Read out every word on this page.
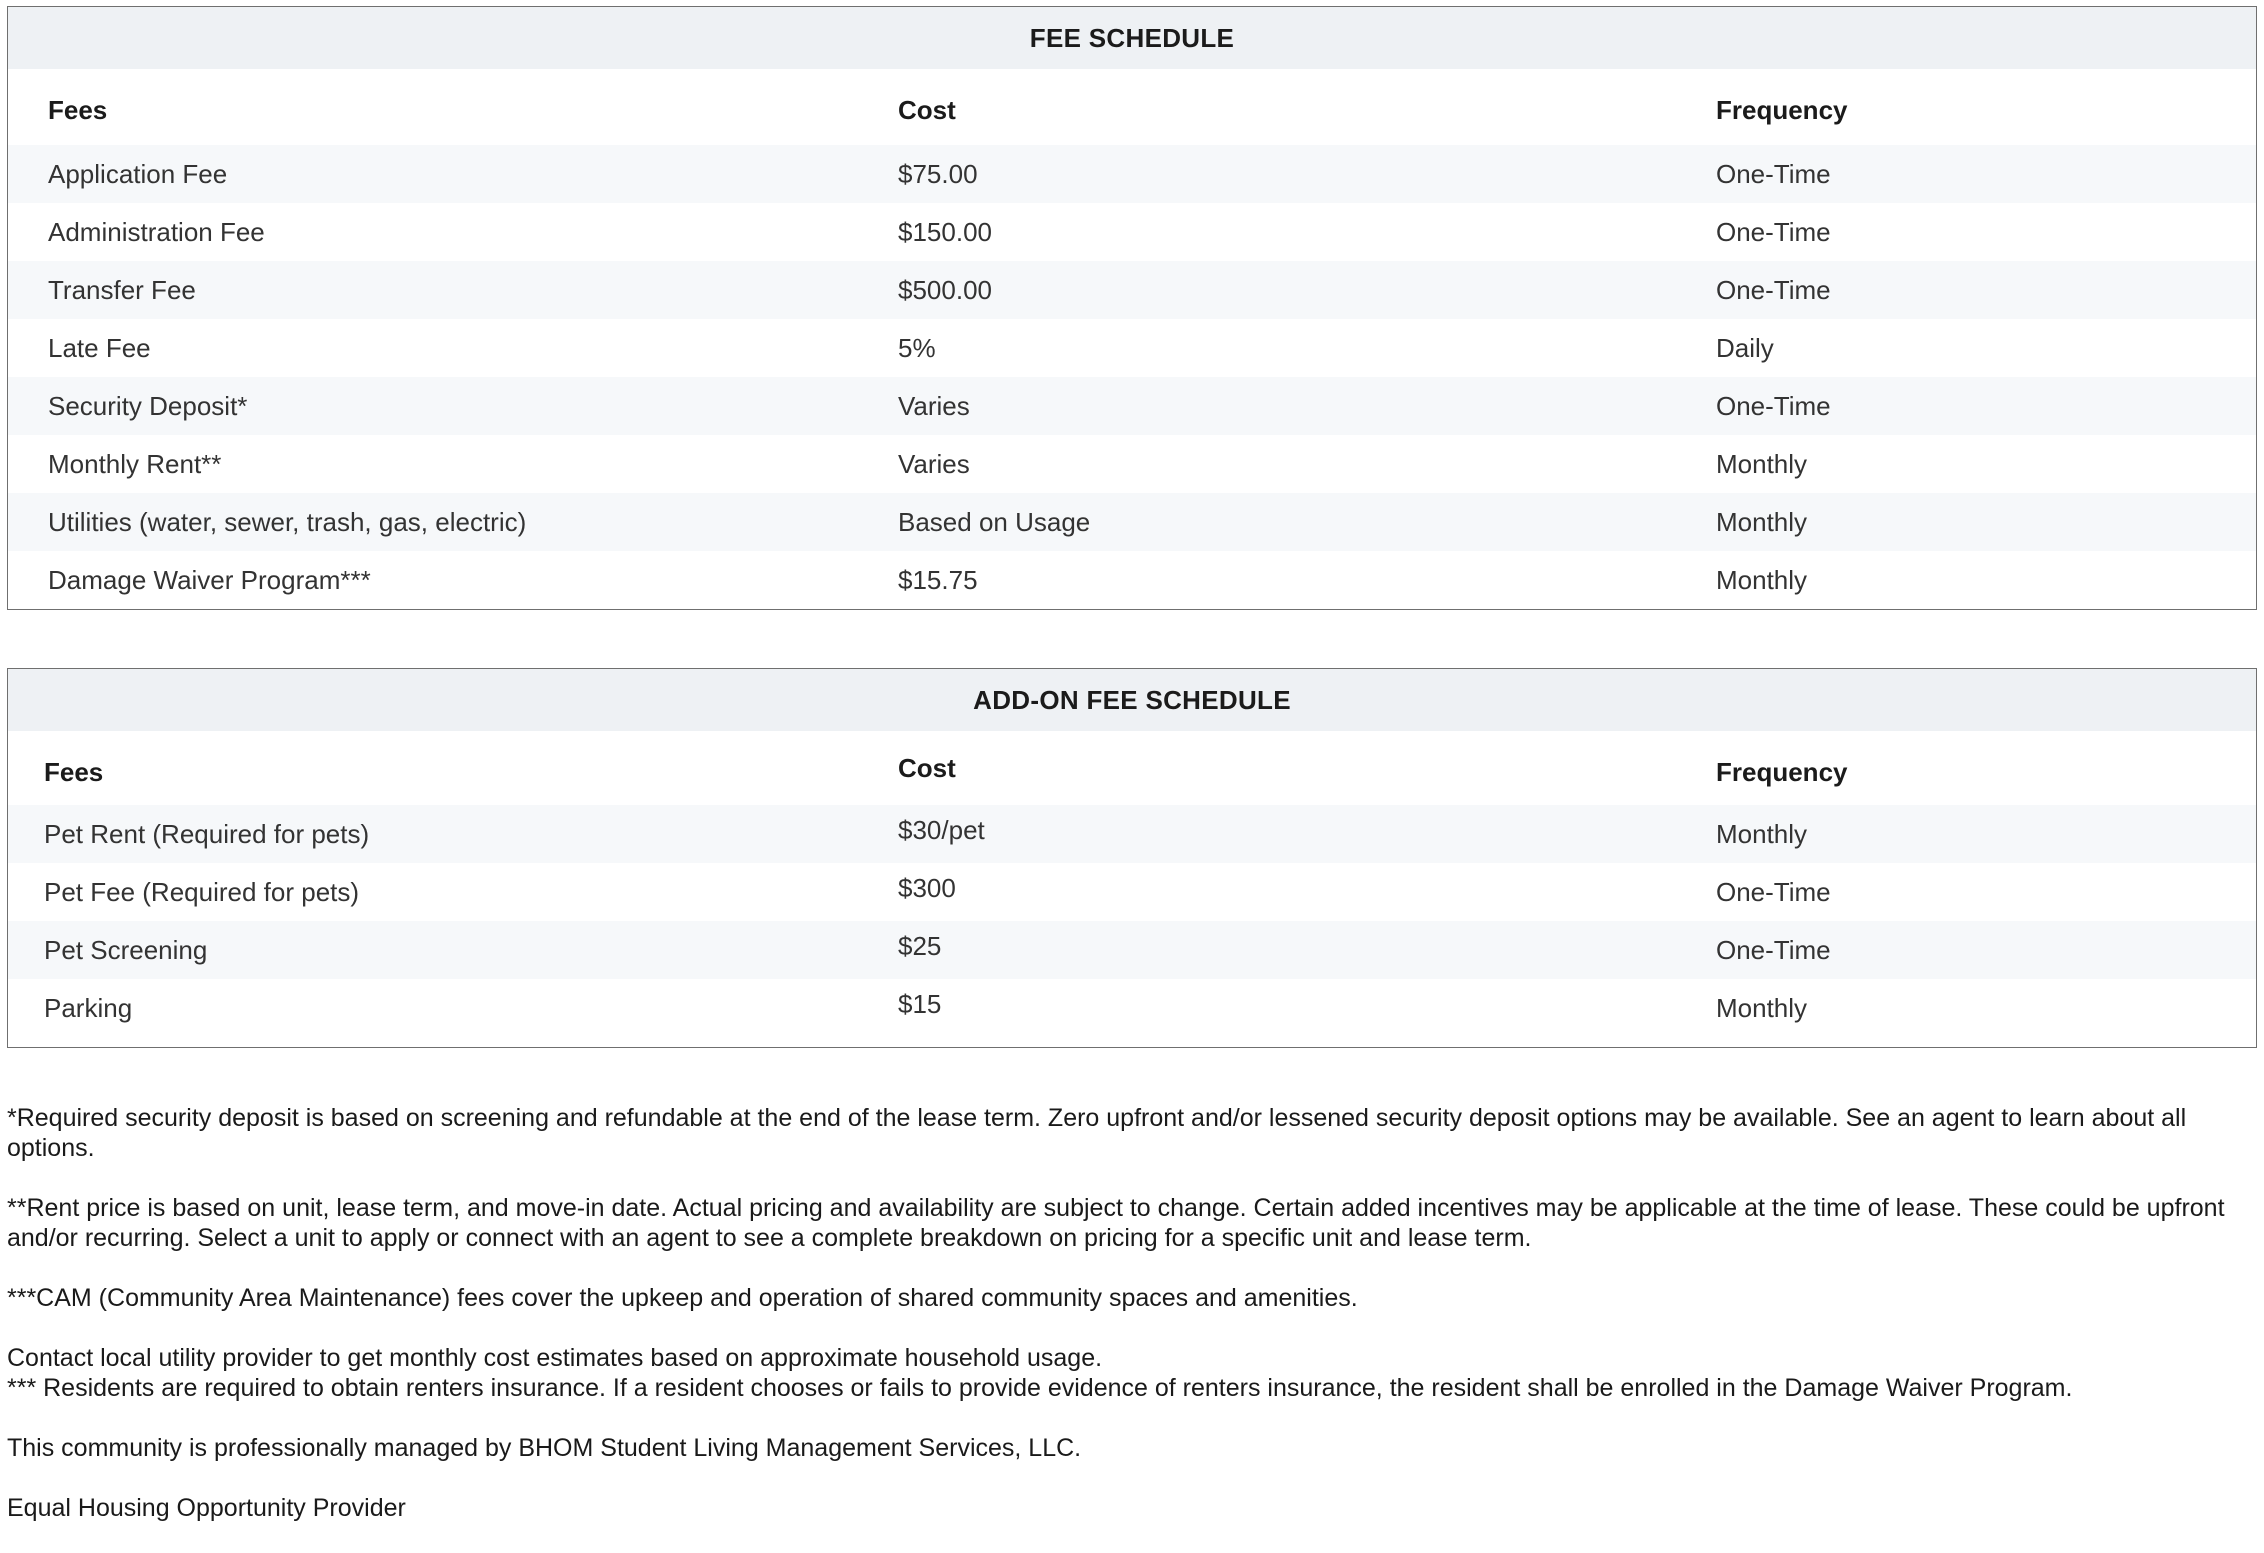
FEE SCHEDULE
Fees	Cost	Frequency
Application Fee	$75.00	One-Time
Administration Fee	$150.00	One-Time
Transfer Fee	$500.00	One-Time
Late Fee	5%	Daily
Security Deposit*	Varies	One-Time
Monthly Rent**	Varies	Monthly
Utilities (water, sewer, trash, gas, electric)	Based on Usage	Monthly
Damage Waiver Program***	$15.75	Monthly
ADD-ON FEE SCHEDULE
Fees	Cost	Frequency
Pet Rent (Required for pets)	$30/pet	Monthly
Pet Fee (Required for pets)	$300	One-Time
Pet Screening	$25	One-Time
Parking	$15	Monthly

*Required security deposit is based on screening and refundable at the end of the lease term. Zero upfront and/or lessened security deposit options may be available. See an agent to learn about all options.

**Rent price is based on unit, lease term, and move-in date. Actual pricing and availability are subject to change. Certain added incentives may be applicable at the time of lease. These could be upfront and/or recurring. Select a unit to apply or connect with an agent to see a complete breakdown on pricing for a specific unit and lease term.

***CAM (Community Area Maintenance) fees cover the upkeep and operation of shared community spaces and amenities.

Contact local utility provider to get monthly cost estimates based on approximate household usage.

*** Residents are required to obtain renters insurance. If a resident chooses or fails to provide evidence of renters insurance, the resident shall be enrolled in the Damage Waiver Program.

This community is professionally managed by BHOM Student Living Management Services, LLC.

Equal Housing Opportunity Provider
